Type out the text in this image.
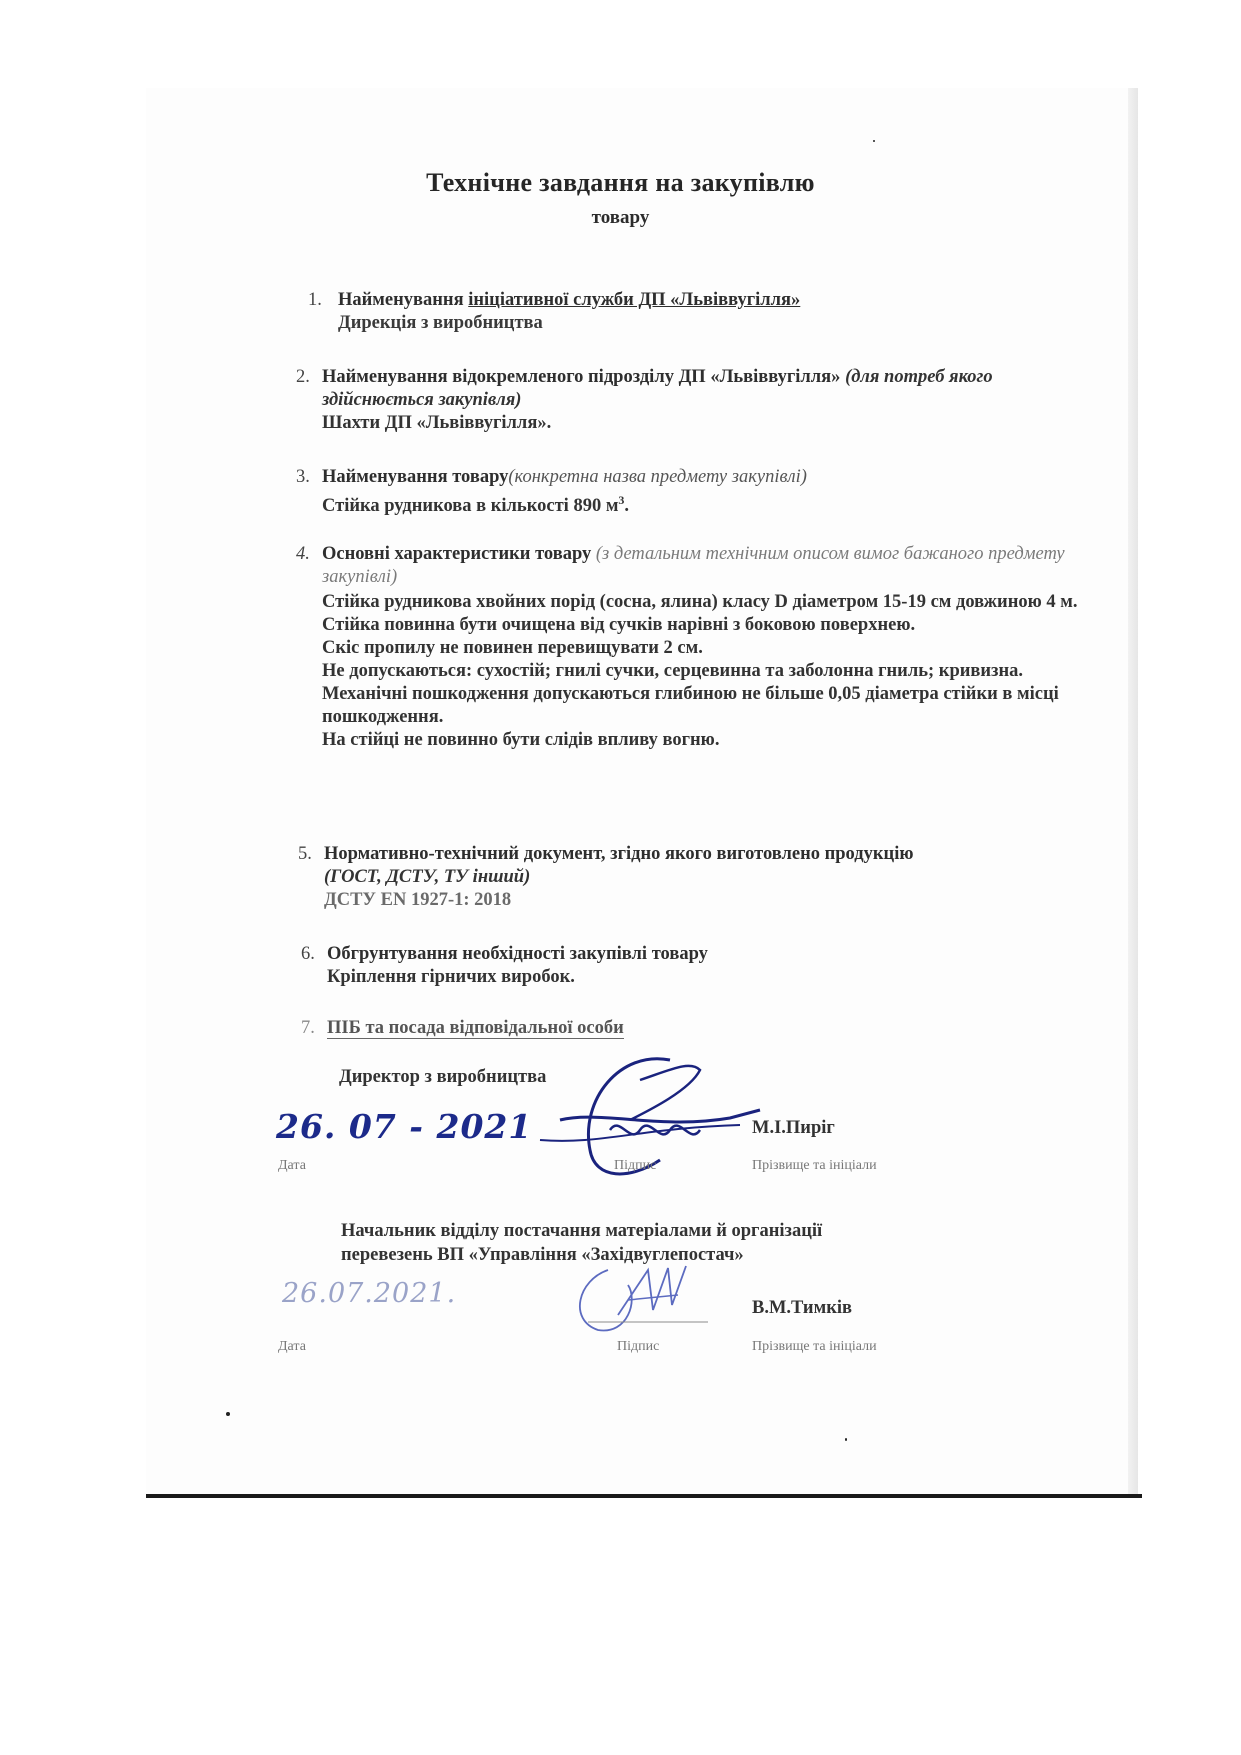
Технічне завдання на закупівлю
товару
1. Найменування ініціативної служби ДП «Львіввугілля»
Дирекція з виробництва
2. Найменування відокремленого підрозділу ДП «Львіввугілля» (для потреб якого здійснюється закупівля)
Шахти ДП «Львіввугілля».
3. Найменування товару(конкретна назва предмету закупівлі)
Стійка рудникова в кількості 890 $м^3$.
4. Основні характеристики товару (з детальним технічним описом вимог бажаного предмету закупівлі)
Стійка рудникова хвойних порід (сосна, ялина) класу D діаметром 15-19 см довжиною 4 м.
Стійка повинна бути очищена від сучків нарівні з боковою поверхнею.
Скіс пропилу не повинен перевищувати 2 см.
Не допускаються: сухостій; гнилі сучки, серцевинна та заболонна гниль; кривизна.
Механічні пошкодження допускаються глибиною не більше 0,05 діаметра стійки в місці пошкодження.
На стійці не повинно бути слідів впливу вогню.
5. Нормативно-технічний документ, згідно якого виготовлено продукцію
(ГОСТ, ДСТУ, ТУ інший)
ДСТУ EN 1927-1: 2018
6. Обгрунтування необхідності закупівлі товару
Кріплення гірничих виробок.
7. ПІБ та посада відповідальної особи
Директор з виробництва
26. 07 - 2021	М.І.Пиріг
Дата	Підпис	Прізвище та ініціали
Начальник відділу постачання матеріалами й організації
перевезень ВП «Управління «Західвуглепостач»
26.07.2021.	В.М.Тимків
Дата	Підпис	Прізвище та ініціали
